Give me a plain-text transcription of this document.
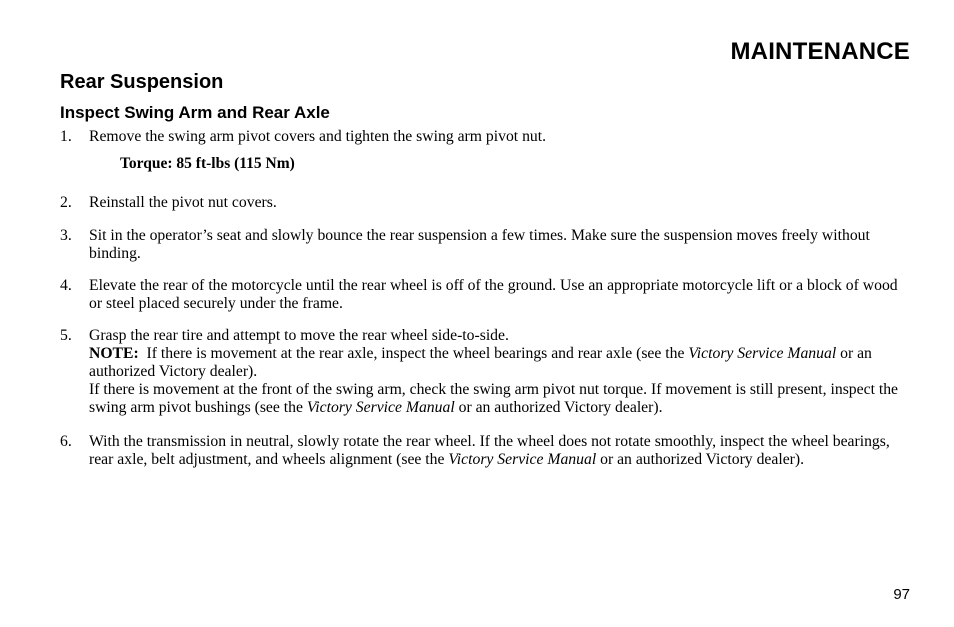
MAINTENANCE
Rear Suspension
Inspect Swing Arm and Rear Axle
1. Remove the swing arm pivot covers and tighten the swing arm pivot nut.
Torque: 85 ft-lbs (115 Nm)
2. Reinstall the pivot nut covers.
3. Sit in the operator’s seat and slowly bounce the rear suspension a few times. Make sure the suspension moves freely without binding.
4. Elevate the rear of the motorcycle until the rear wheel is off of the ground. Use an appropriate motorcycle lift or a block of wood or steel placed securely under the frame.
5. Grasp the rear tire and attempt to move the rear wheel side-to-side.
NOTE: If there is movement at the rear axle, inspect the wheel bearings and rear axle (see the Victory Service Manual or an authorized Victory dealer).
If there is movement at the front of the swing arm, check the swing arm pivot nut torque. If movement is still present, inspect the swing arm pivot bushings (see the Victory Service Manual or an authorized Victory dealer).
6. With the transmission in neutral, slowly rotate the rear wheel. If the wheel does not rotate smoothly, inspect the wheel bearings, rear axle, belt adjustment, and wheels alignment (see the Victory Service Manual or an authorized Victory dealer).
97
